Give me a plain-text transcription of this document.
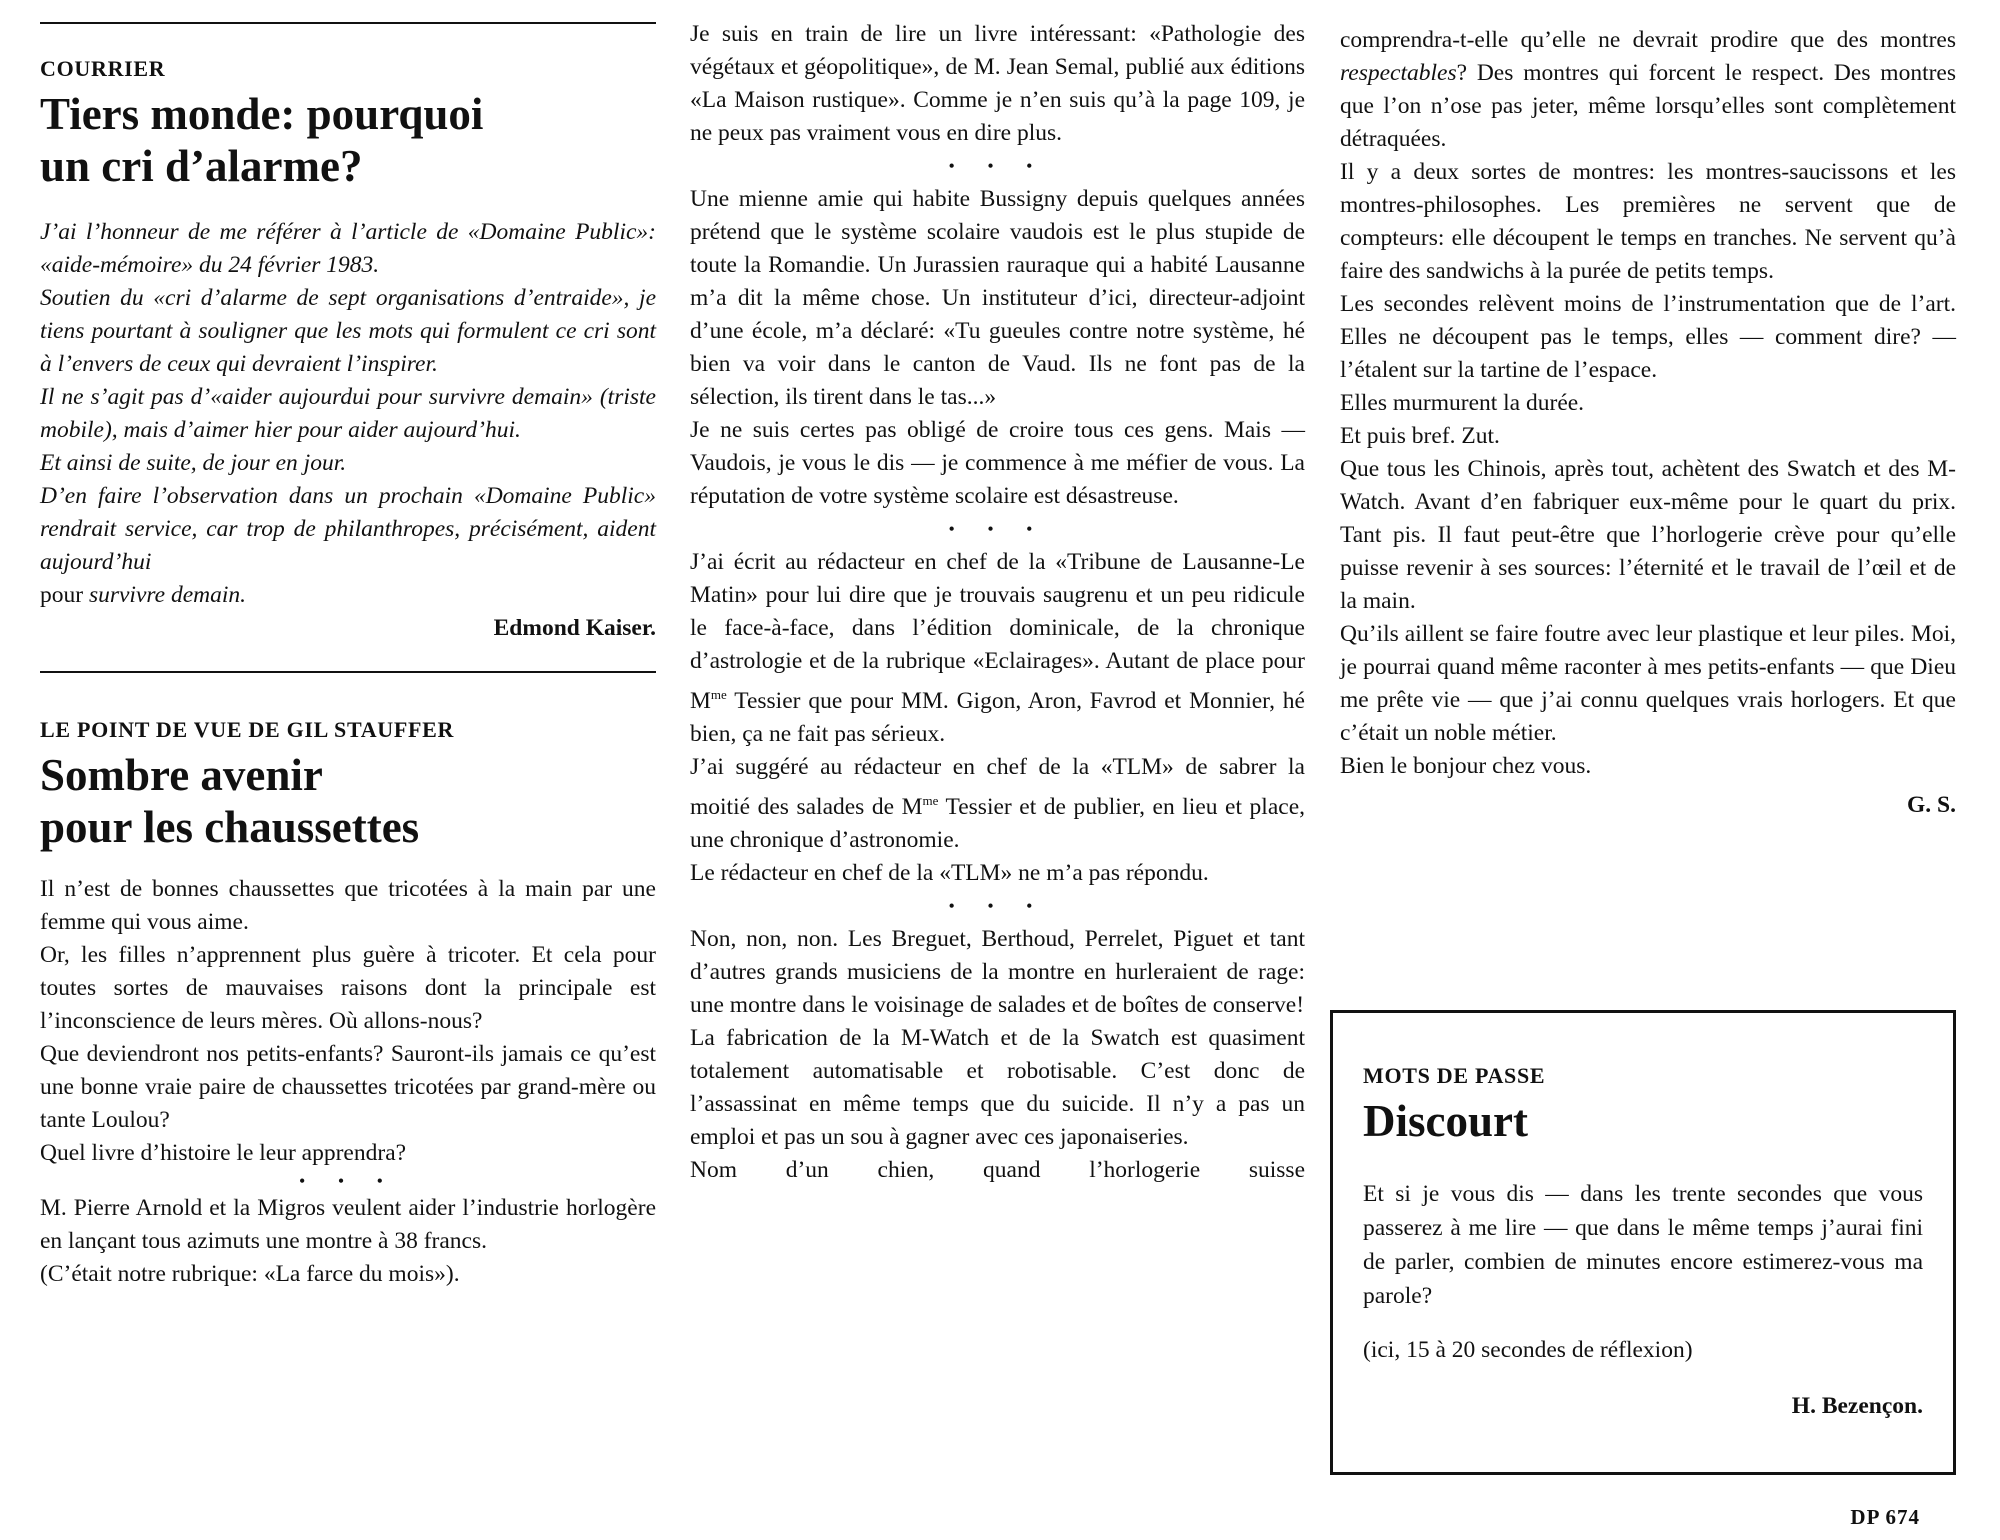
COURRIER
Tiers monde: pourquoi
un cri d’alarme?

J’ai l’honneur de me référer à l’article de «Domaine Public»: «aide-mémoire» du 24 février 1983.

Soutien du «cri d’alarme de sept organisations d’entraide», je tiens pourtant à souligner que les mots qui formulent ce cri sont à l’envers de ceux qui devraient l’inspirer.

Il ne s’agit pas d’«aider aujourdui pour survivre demain» (triste mobile), mais d’aimer hier pour aider aujourd’hui.

Et ainsi de suite, de jour en jour.

D’en faire l’observation dans un prochain «Domaine Public» rendrait service, car trop de philanthropes, précisément, aident aujourd’hui

pour survivre demain.

Edmond Kaiser.

LE POINT DE VUE DE GIL STAUFFER
Sombre avenir
pour les chaussettes

Il n’est de bonnes chaussettes que tricotées à la main par une femme qui vous aime.

Or, les filles n’apprennent plus guère à tricoter. Et cela pour toutes sortes de mauvaises raisons dont la principale est l’inconscience de leurs mères. Où allons-nous?

Que deviendront nos petits-enfants? Sauront-ils jamais ce qu’est une bonne vraie paire de chaussettes tricotées par grand-mère ou tante Loulou?

Quel livre d’histoire le leur apprendra?

• • •

M. Pierre Arnold et la Migros veulent aider l’industrie horlogère en lançant tous azimuts une montre à 38 francs.

(C’était notre rubrique: «La farce du mois»).

Je suis en train de lire un livre intéressant: «Pathologie des végétaux et géopolitique», de M. Jean Semal, publié aux éditions «La Maison rustique». Comme je n’en suis qu’à la page 109, je ne peux pas vraiment vous en dire plus.

• • •

Une mienne amie qui habite Bussigny depuis quelques années prétend que le système scolaire vaudois est le plus stupide de toute la Romandie. Un Jurassien rauraque qui a habité Lausanne m’a dit la même chose. Un instituteur d’ici, directeur-adjoint d’une école, m’a déclaré: «Tu gueules contre notre système, hé bien va voir dans le canton de Vaud. Ils ne font pas de la sélection, ils tirent dans le tas...»

Je ne suis certes pas obligé de croire tous ces gens. Mais — Vaudois, je vous le dis — je commence à me méfier de vous. La réputation de votre système scolaire est désastreuse.

• • •

J’ai écrit au rédacteur en chef de la «Tribune de Lausanne-Le Matin» pour lui dire que je trouvais saugrenu et un peu ridicule le face-à-face, dans l’édition dominicale, de la chronique d’astrologie et de la rubrique «Eclairages». Autant de place pour $M^{me}$ Tessier que pour MM. Gigon, Aron, Favrod et Monnier, hé bien, ça ne fait pas sérieux.

J’ai suggéré au rédacteur en chef de la «TLM» de sabrer la moitié des salades de $M^{me}$ Tessier et de publier, en lieu et place, une chronique d’astronomie.

Le rédacteur en chef de la «TLM» ne m’a pas répondu.

• • •

Non, non, non. Les Breguet, Berthoud, Perrelet, Piguet et tant d’autres grands musiciens de la montre en hurleraient de rage: une montre dans le voisinage de salades et de boîtes de conserve!

La fabrication de la M-Watch et de la Swatch est quasiment totalement automatisable et robotisable. C’est donc de l’assassinat en même temps que du suicide. Il n’y a pas un emploi et pas un sou à gagner avec ces japonaiseries.

Nom d’un chien, quand l’horlogerie suisse

comprendra-t-elle qu’elle ne devrait prodire que des montres respectables? Des montres qui forcent le respect. Des montres que l’on n’ose pas jeter, même lorsqu’elles sont complètement détraquées.

Il y a deux sortes de montres: les montres-saucissons et les montres-philosophes. Les premières ne servent que de compteurs: elle découpent le temps en tranches. Ne servent qu’à faire des sandwichs à la purée de petits temps.

Les secondes relèvent moins de l’instrumentation que de l’art. Elles ne découpent pas le temps, elles — comment dire? — l’étalent sur la tartine de l’espace.

Elles murmurent la durée.

Et puis bref. Zut.

Que tous les Chinois, après tout, achètent des Swatch et des M-Watch. Avant d’en fabriquer eux-même pour le quart du prix. Tant pis. Il faut peut-être que l’horlogerie crève pour qu’elle puisse revenir à ses sources: l’éternité et le travail de l’œil et de la main.

Qu’ils aillent se faire foutre avec leur plastique et leur piles. Moi, je pourrai quand même raconter à mes petits-enfants — que Dieu me prête vie — que j’ai connu quelques vrais horlogers. Et que c’était un noble métier.

Bien le bonjour chez vous.

G. S.

MOTS DE PASSE
Discourt

Et si je vous dis — dans les trente secondes que vous passerez à me lire — que dans le même temps j’aurai fini de parler, combien de minutes encore estimerez-vous ma parole?

(ici, 15 à 20 secondes de réflexion)

H. Bezençon.

DP 674
